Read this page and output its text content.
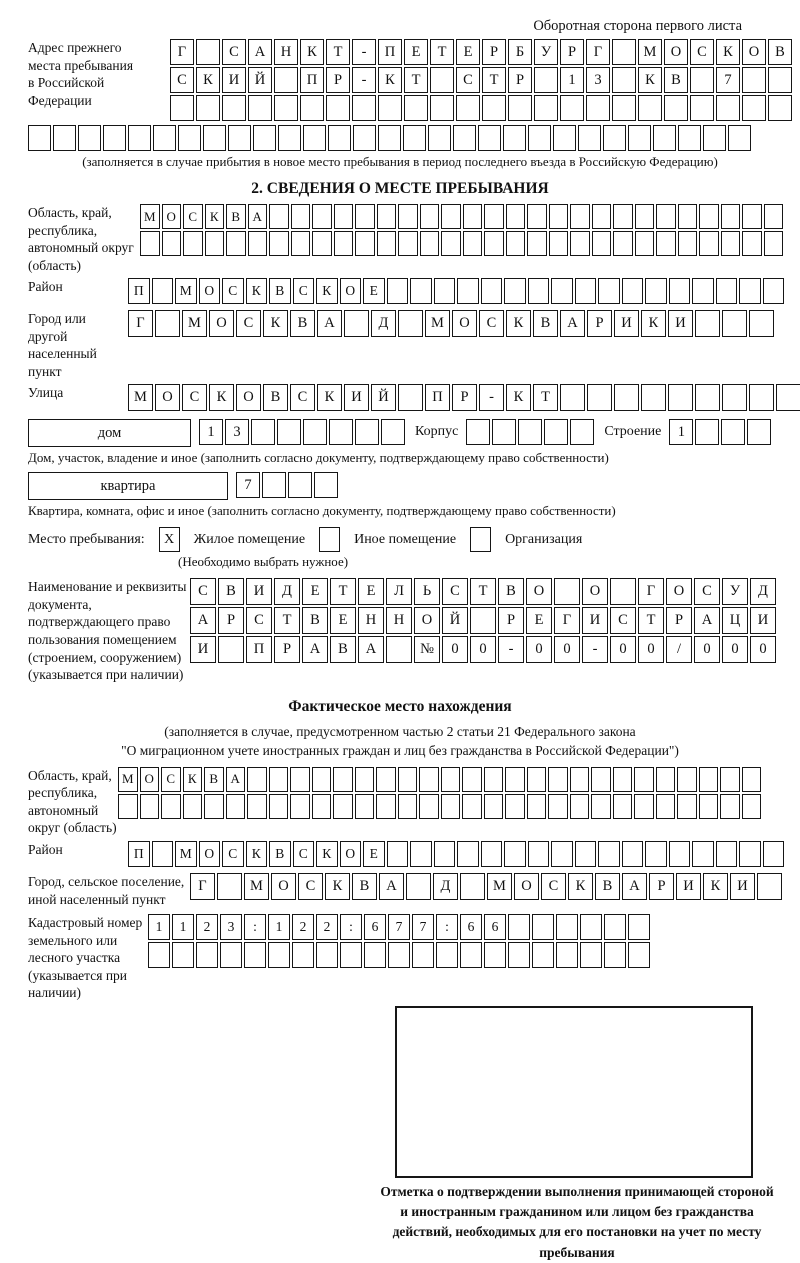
Оборотная сторона первого листа
Адрес прежнего места пребывания в Российской Федерации
Г	С	А	Н	К	Т	-	П	Е	Т	Е	Р	Б	У	Р	Г	М О	С	К	О	В
С	К	И	Й	П	Р	-	К	Т	С	Т	Р	1	3	К	В	7
(заполняется в случае прибытия в новое место пребывания в период последнего въезда в Российскую Федерацию)
2. СВЕДЕНИЯ О МЕСТЕ ПРЕБЫВАНИЯ
Область, край, республика, автономный округ (область)
М О С К В А
Район	П	М О	С	К	В	С	К	О	Е
Город или другой населенный пункт
Г	М	О	С	К	В	А	Д	М	О	С	К	В	А	Р	И	К	И
Улица	М	О	С	К	О	В	С	К	И	Й	П	Р	-	К	Т
дом	1	3	Корпус	Строение	1
Дом, участок, владение и иное (заполнить согласно документу, подтверждающему право собственности)
квартира	7
Квартира, комната, офис и иное (заполнить согласно документу, подтверждающему право собственности)
Место пребывания:	X	Жилое помещение	Иное помещение	Организация
(Необходимо выбрать нужное)
Наименование и реквизиты документа, подтверждающего право пользования помещением (строением, сооружением) (указывается при наличии)
С	В	И	Д	Е	Т	Е	Л	Ь	С	Т	В	О	О	Г	О	С	У	Д
А	Р	С	Т	В	Е	Н	Н	О	Й	Р	Е	Г	И	С	Т	Р	А	Ц	И
И	П	Р	А	В	А	№	0	0	-	0	0	-	0	0	/	0	0	0
Фактическое место нахождения
(заполняется в случае, предусмотренном частью 2 статьи 21 Федерального закона
"О миграционном учете иностранных граждан и лиц без гражданства в Российской Федерации")
Область, край, республика, автономный округ (область)
М О С К В А
Район	П	М О	С	К	В	С	К	О	Е
Город, сельское поселение, иной населенный пункт
Г	М	О	С	К	В	А	Д	М	О	С	К	В	А	Р	И	К	И
Кадастровый номер земельного или лесного участка (указывается при наличии)
1	1	2	3	:	1	2	2	:	6	7	7	:	6	6
Отметка о подтверждении выполнения принимающей стороной и иностранным гражданином или лицом без гражданства действий, необходимых для его постановки на учет по месту пребывания
